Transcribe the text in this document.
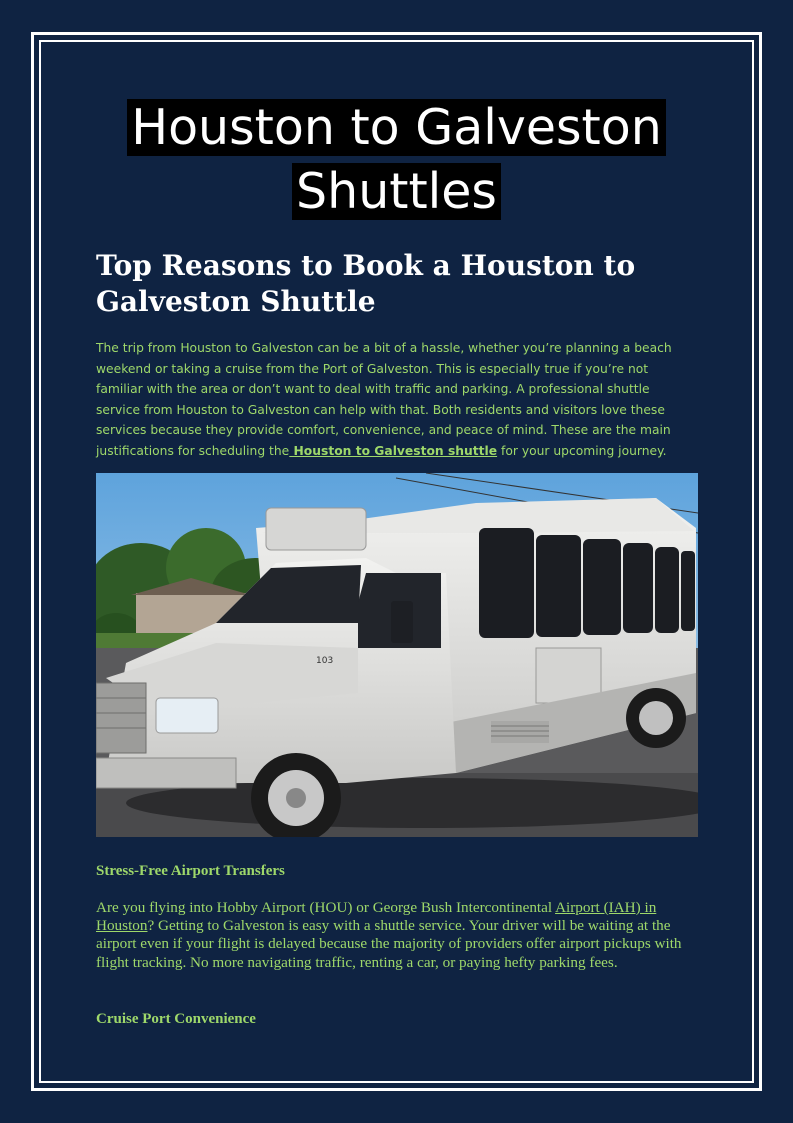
Houston to Galveston
Shuttles
Top Reasons to Book a Houston to
Galveston Shuttle
The trip from Houston to Galveston can be a bit of a hassle, whether you’re planning a beach weekend or taking a cruise from the Port of Galveston. This is especially true if you’re not familiar with the area or don’t want to deal with traffic and parking. A professional shuttle service from Houston to Galveston can help with that. Both residents and visitors love these services because they provide comfort, convenience, and peace of mind. These are the main justifications for scheduling the Houston to Galveston shuttle for your upcoming journey.
103
Stress-Free Airport Transfers
Are you flying into Hobby Airport (HOU) or George Bush Intercontinental Airport (IAH) in Houston? Getting to Galveston is easy with a shuttle service. Your driver will be waiting at the airport even if your flight is delayed because the majority of providers offer airport pickups with flight tracking. No more navigating traffic, renting a car, or paying hefty parking fees.
Cruise Port Convenience
